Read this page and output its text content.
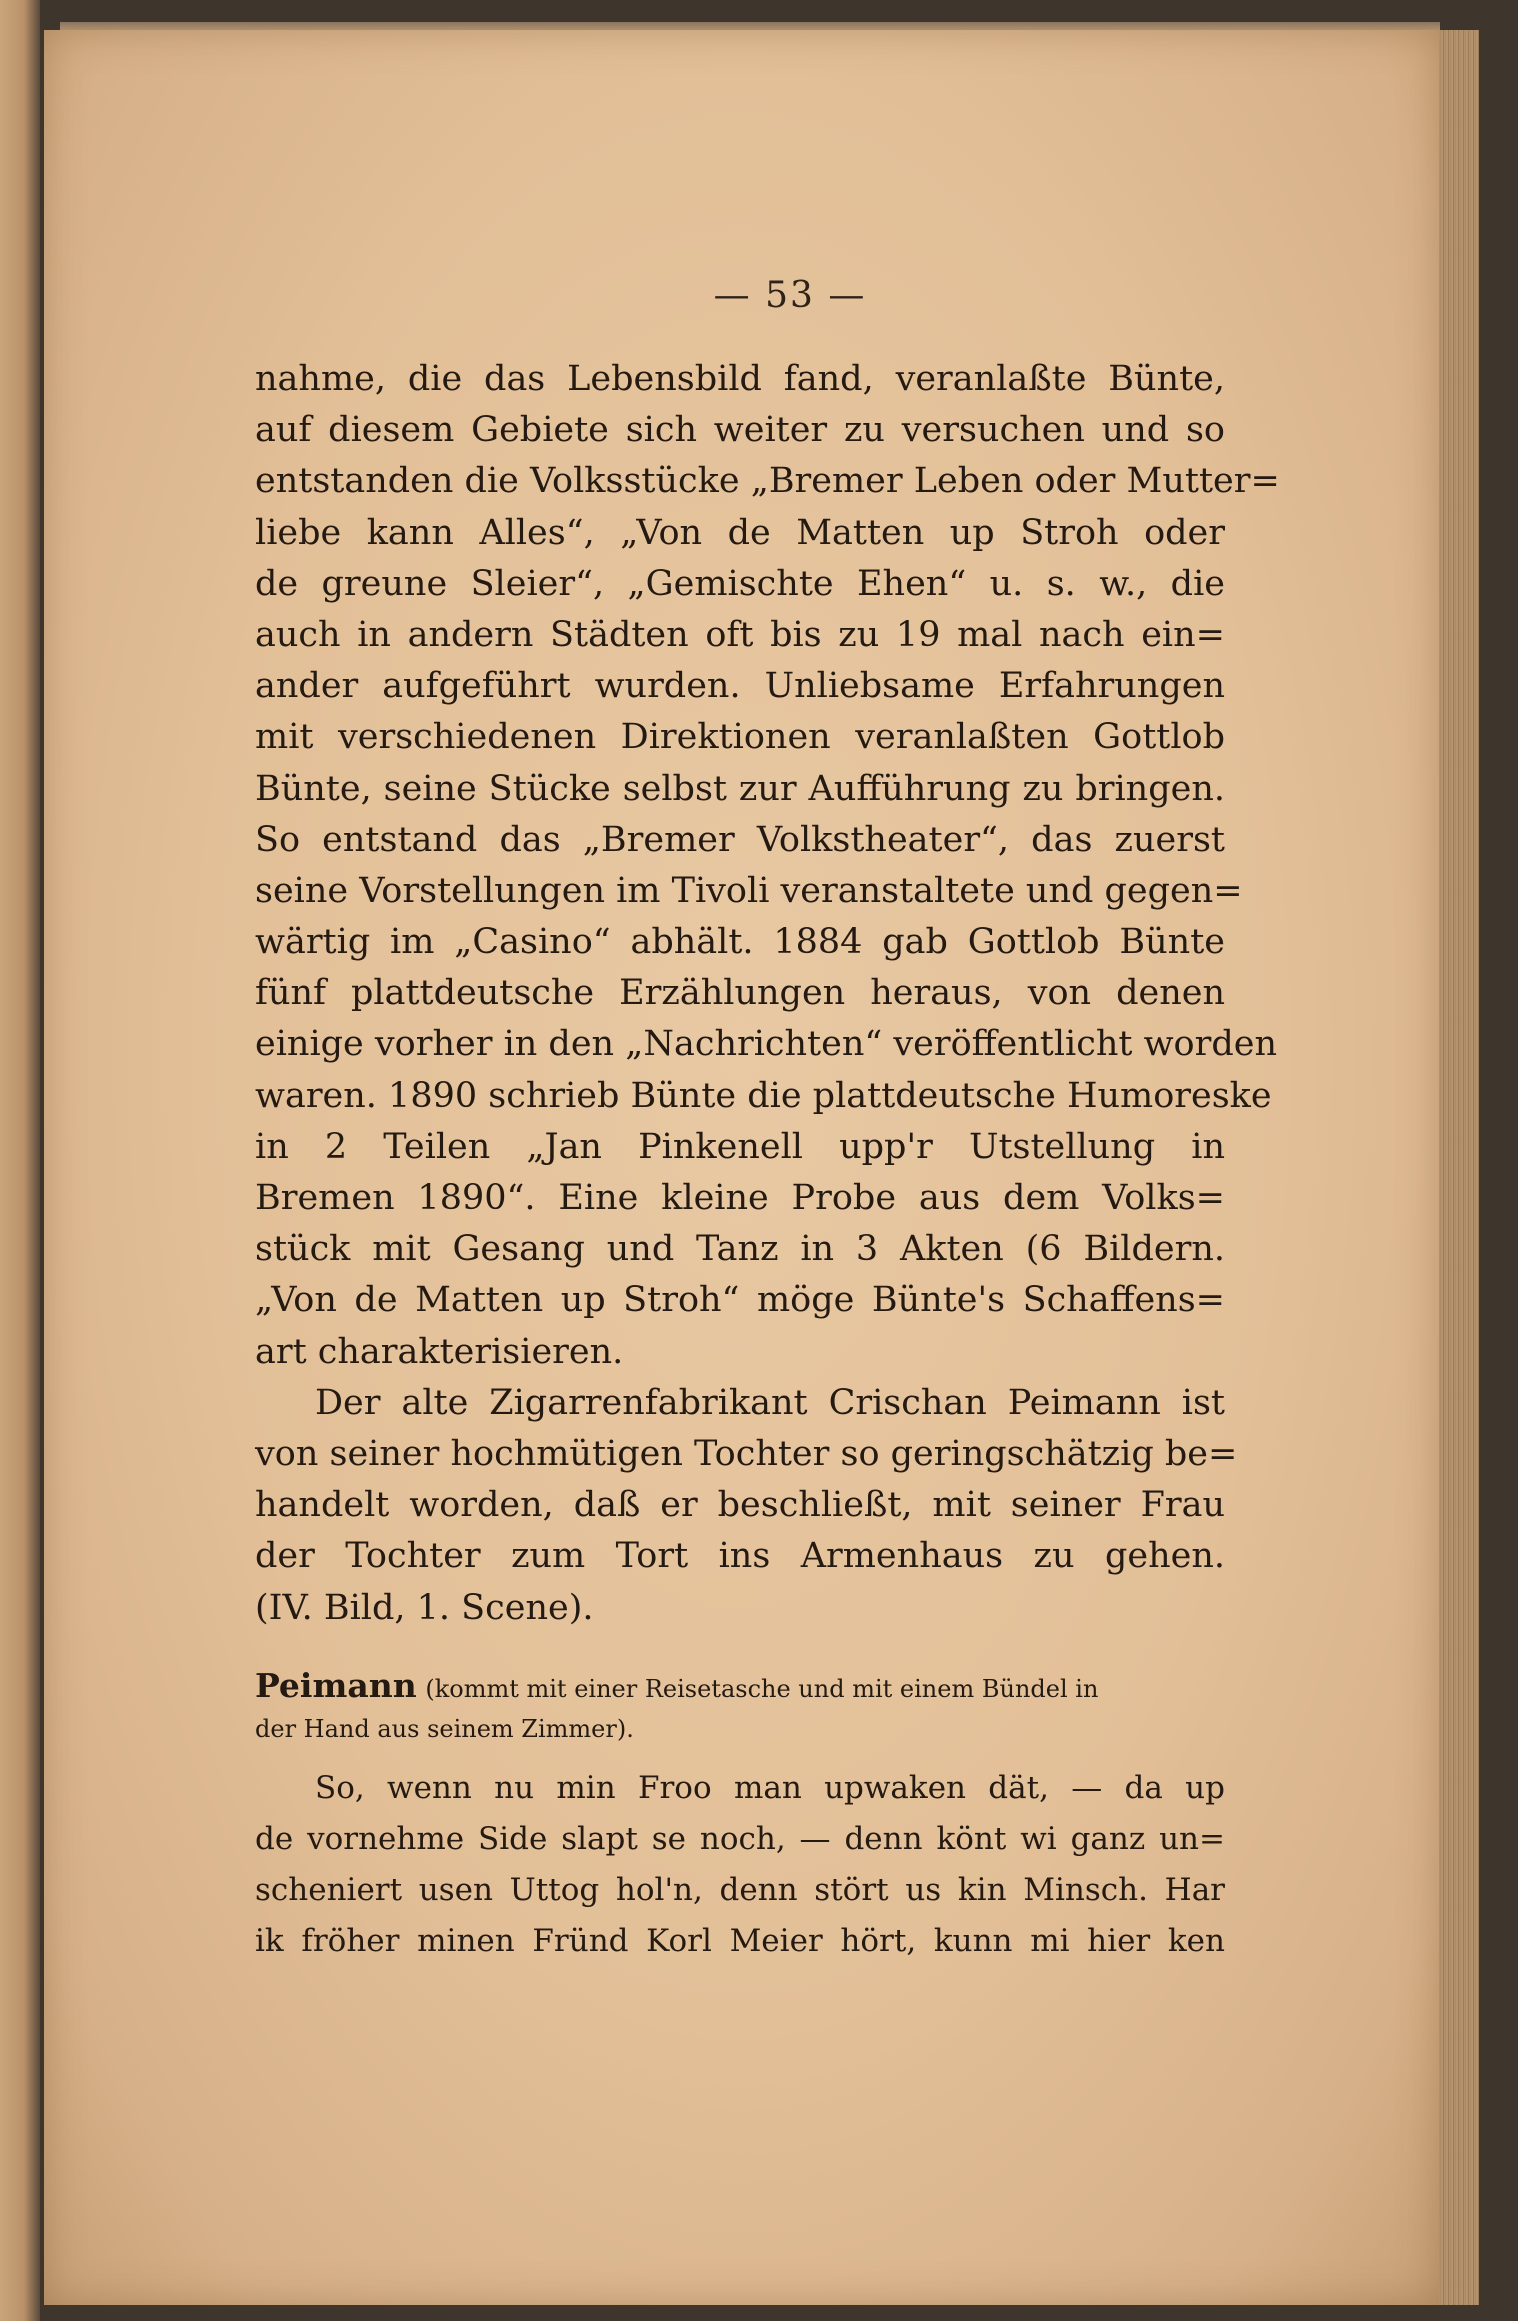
— 53 —
nahme, die das Lebensbild fand, veranlaßte Bünte,
auf diesem Gebiete sich weiter zu versuchen und so
entstanden die Volksstücke „Bremer Leben oder Mutter=
liebe kann Alles“, „Von de Matten up Stroh oder
de greune Sleier“, „Gemischte Ehen“ u. s. w., die
auch in andern Städten oft bis zu 19 mal nach ein=
ander aufgeführt wurden. Unliebsame Erfahrungen
mit verschiedenen Direktionen veranlaßten Gottlob
Bünte, seine Stücke selbst zur Aufführung zu bringen.
So entstand das „Bremer Volkstheater“, das zuerst
seine Vorstellungen im Tivoli veranstaltete und gegen=
wärtig im „Casino“ abhält. 1884 gab Gottlob Bünte
fünf plattdeutsche Erzählungen heraus, von denen
einige vorher in den „Nachrichten“ veröffentlicht worden
waren. 1890 schrieb Bünte die plattdeutsche Humoreske
in 2 Teilen „Jan Pinkenell upp'r Utstellung in
Bremen 1890“. Eine kleine Probe aus dem Volks=
stück mit Gesang und Tanz in 3 Akten (6 Bildern.
„Von de Matten up Stroh“ möge Bünte's Schaffens=
art charakterisieren.
Der alte Zigarrenfabrikant Crischan Peimann ist
von seiner hochmütigen Tochter so geringschätzig be=
handelt worden, daß er beschließt, mit seiner Frau
der Tochter zum Tort ins Armenhaus zu gehen.
(IV. Bild, 1. Scene).
Peimann (kommt mit einer Reisetasche und mit einem Bündel in
der Hand aus seinem Zimmer).
So, wenn nu min Froo man upwaken dät, — da up
de vornehme Side slapt se noch, — denn könt wi ganz un=
scheniert usen Uttog hol'n, denn stört us kin Minsch. Har
ik fröher minen Fründ Korl Meier hört, kunn mi hier ken
